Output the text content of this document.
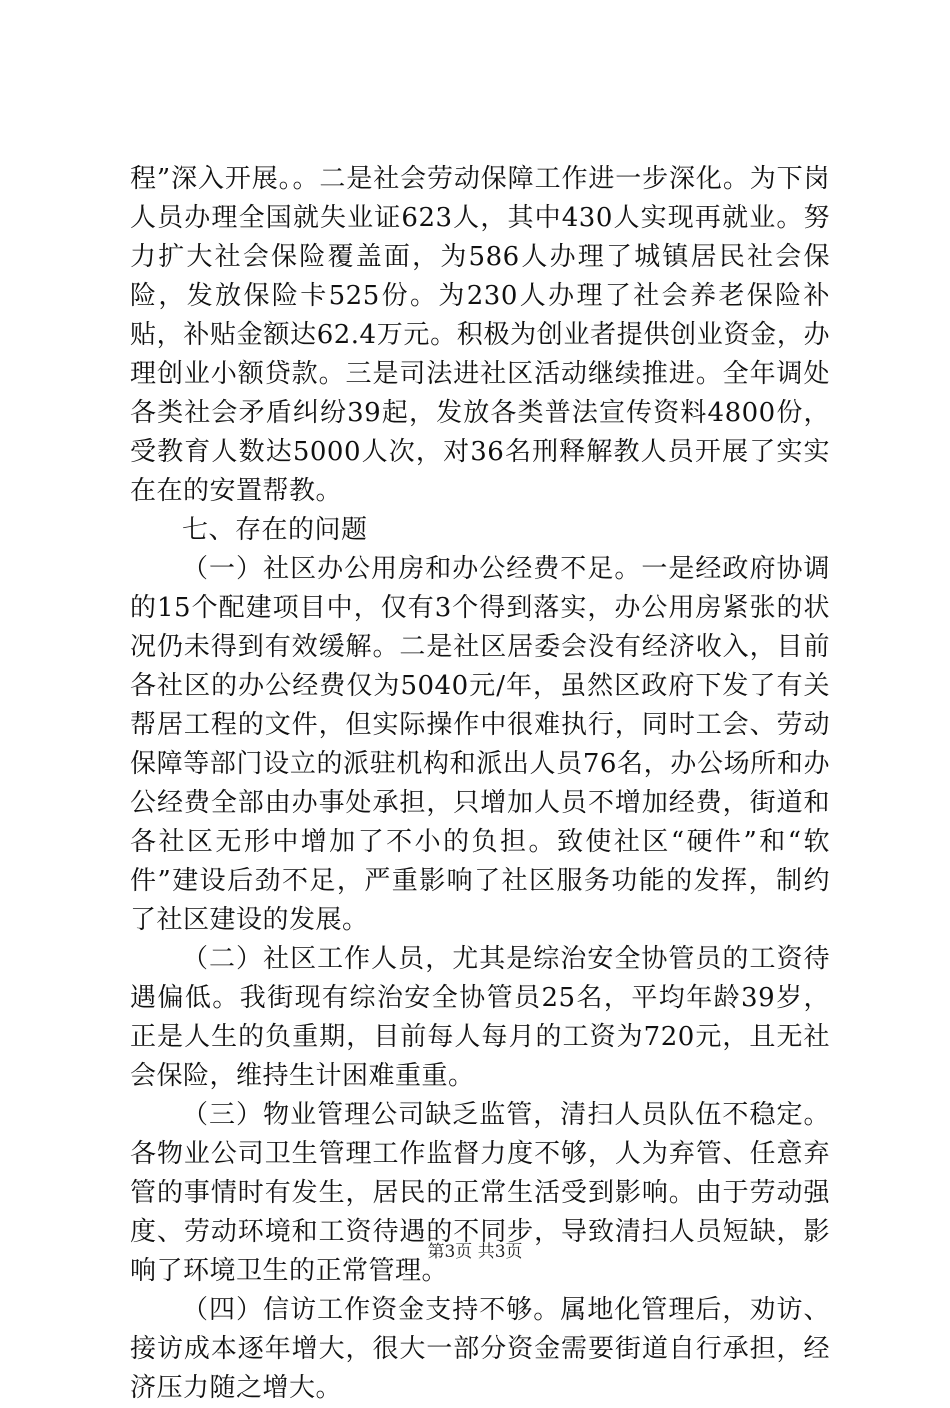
程”深入开展。。二是社会劳动保障工作进一步深化。为下岗人员办理全国就失业证623人，其中430人实现再就业。努力扩大社会保险覆盖面，为586人办理了城镇居民社会保险，发放保险卡525份。为230人办理了社会养老保险补贴，补贴金额达62.4万元。积极为创业者提供创业资金，办理创业小额贷款。三是司法进社区活动继续推进。全年调处各类社会矛盾纠纷39起，发放各类普法宣传资料4800份，受教育人数达5000人次，对36名刑释解教人员开展了实实在在的安置帮教。

七、存在的问题

（一）社区办公用房和办公经费不足。一是经政府协调的15个配建项目中，仅有3个得到落实，办公用房紧张的状况仍未得到有效缓解。二是社区居委会没有经济收入，目前各社区的办公经费仅为5040元/年，虽然区政府下发了有关帮居工程的文件，但实际操作中很难执行，同时工会、劳动保障等部门设立的派驻机构和派出人员76名，办公场所和办公经费全部由办事处承担，只增加人员不增加经费，街道和各社区无形中增加了不小的负担。致使社区“硬件”和“软件”建设后劲不足，严重影响了社区服务功能的发挥，制约了社区建设的发展。

（二）社区工作人员，尤其是综治安全协管员的工资待遇偏低。我街现有综治安全协管员25名，平均年龄39岁，正是人生的负重期，目前每人每月的工资为720元，且无社会保险，维持生计困难重重。

（三）物业管理公司缺乏监管，清扫人员队伍不稳定。各物业公司卫生管理工作监督力度不够，人为弃管、任意弃管的事情时有发生，居民的正常生活受到影响。由于劳动强度、劳动环境和工资待遇的不同步，导致清扫人员短缺，影响了环境卫生的正常管理。

（四）信访工作资金支持不够。属地化管理后，劝访、接访成本逐年增大，很大一部分资金需要街道自行承担，经济压力随之增大。

第3页 共3页
